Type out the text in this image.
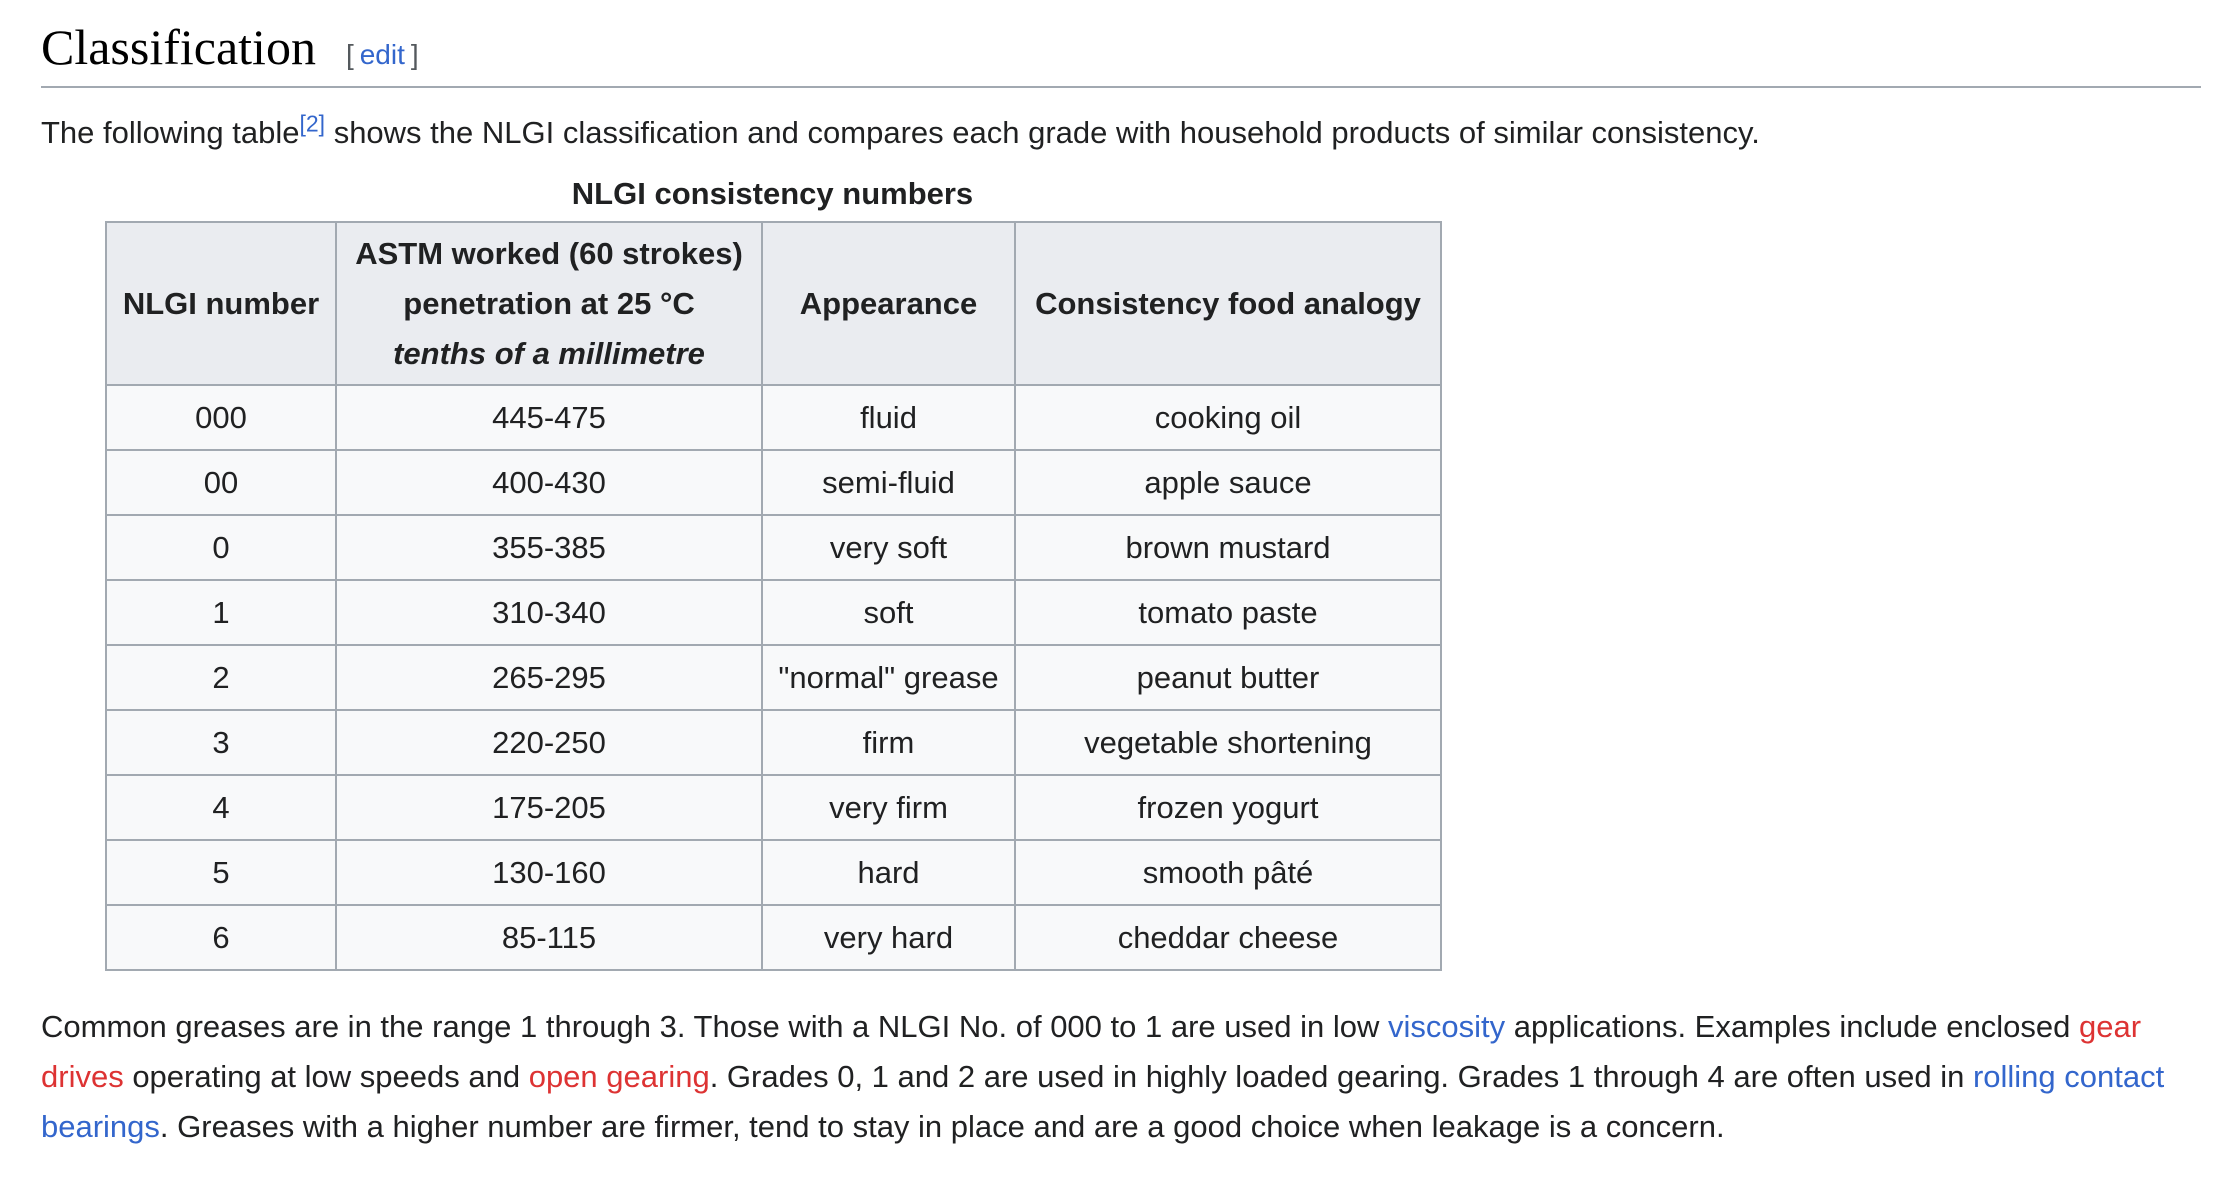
Classification [ edit ]

The following table[2] shows the NLGI classification and compares each grade with household products of similar consistency.

NLGI consistency numbers
NLGI number	ASTM worked (60 strokes)
penetration at 25 °C
tenths of a millimetre	Appearance	Consistency food analogy
000	445-475	fluid	cooking oil
00	400-430	semi-fluid	apple sauce
0	355-385	very soft	brown mustard
1	310-340	soft	tomato paste
2	265-295	"normal" grease	peanut butter
3	220-250	firm	vegetable shortening
4	175-205	very firm	frozen yogurt
5	130-160	hard	smooth pâté
6	85-115	very hard	cheddar cheese

Common greases are in the range 1 through 3. Those with a NLGI No. of 000 to 1 are used in low viscosity applications. Examples include enclosed gear drives operating at low speeds and open gearing. Grades 0, 1 and 2 are used in highly loaded gearing. Grades 1 through 4 are often used in rolling contact bearings. Greases with a higher number are firmer, tend to stay in place and are a good choice when leakage is a concern.
